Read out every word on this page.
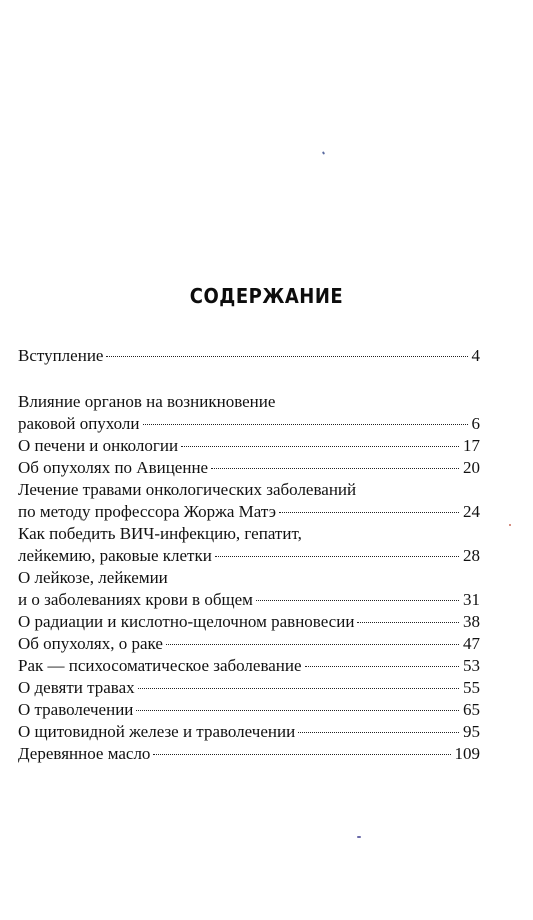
СОДЕРЖАНИЕ
Вступление	4
Влияние органов на возникновение
раковой опухоли	6
О печени и онкологии	17
Об опухолях по Авиценне	20
Лечение травами онкологических заболеваний
по методу профессора Жоржа Матэ	24
Как победить ВИЧ-инфекцию, гепатит,
лейкемию, раковые клетки	28
О лейкозе, лейкемии
и о заболеваниях крови в общем	31
О радиации и кислотно-щелочном равновесии	38
Об опухолях, о раке	47
Рак — психосоматическое заболевание	53
О девяти травах	55
О траволечении	65
О щитовидной железе и траволечении	95
Деревянное масло	109
